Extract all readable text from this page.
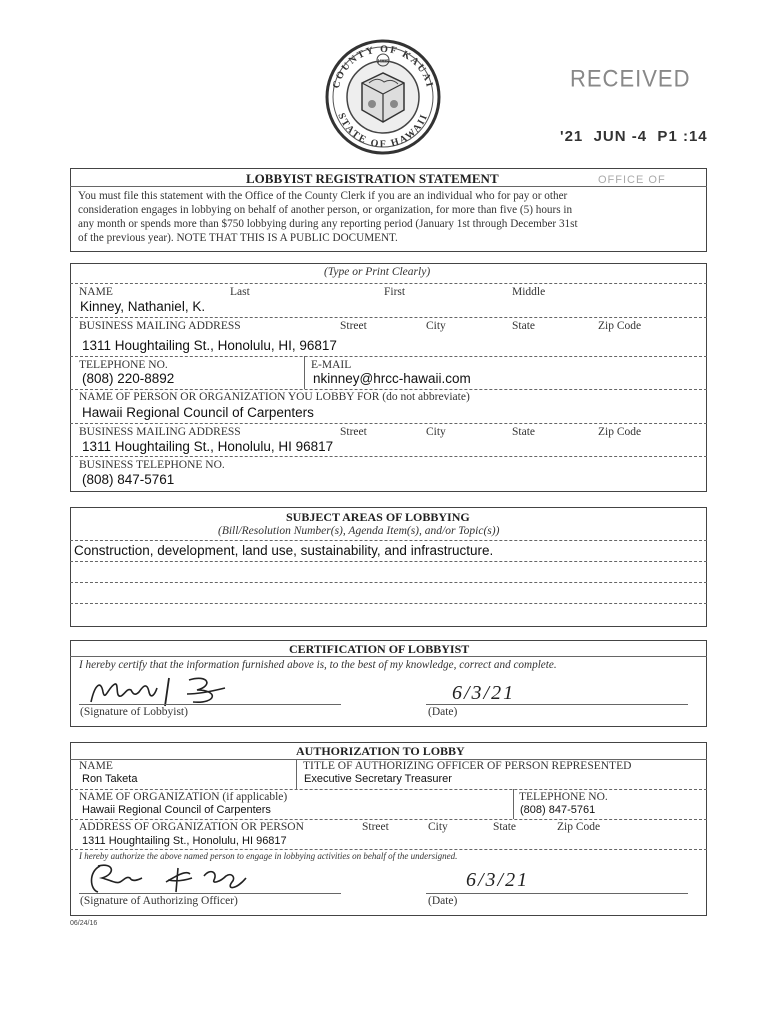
1905
COUNTY OF KAUAI
STATE OF HAWAII
RECEIVED
'21  JUN -4  P1 :14
LOBBYIST REGISTRATION STATEMENT	OFFICE OF
You must file this statement with the Office of the County Clerk if you are an individual who for pay or other
consideration engages in lobbying on behalf of another person, or organization, for more than five (5) hours in
any month or spends more than $750 lobbying during any reporting period (January 1st through December 31st
of the previous year). NOTE THAT THIS IS A PUBLIC DOCUMENT.
(Type or Print Clearly)
NAME	Last	First	Middle
Kinney, Nathaniel, K.
BUSINESS MAILING ADDRESS	Street	City	State	Zip Code
1311 Houghtailing St., Honolulu, HI, 96817
TELEPHONE NO.	E-MAIL
(808) 220-8892	nkinney@hrcc-hawaii.com
NAME OF PERSON OR ORGANIZATION YOU LOBBY FOR (do not abbreviate)
Hawaii Regional Council of Carpenters
BUSINESS MAILING ADDRESS	Street	City	State	Zip Code
1311 Houghtailing St., Honolulu, HI 96817
BUSINESS TELEPHONE NO.
(808) 847-5761
SUBJECT AREAS OF LOBBYING
(Bill/Resolution Number(s), Agenda Item(s), and/or Topic(s))
Construction, development, land use, sustainability, and infrastructure.
CERTIFICATION OF LOBBYIST
I hereby certify that the information furnished above is, to the best of my knowledge, correct and complete.
(Signature of Lobbyist)
6/3/21
(Date)
AUTHORIZATION TO LOBBY
NAME	TITLE OF AUTHORIZING OFFICER OF PERSON REPRESENTED
Ron Taketa	Executive Secretary Treasurer
NAME OF ORGANIZATION (if applicable)	TELEPHONE NO.
Hawaii Regional Council of Carpenters	(808) 847-5761
ADDRESS OF ORGANIZATION OR PERSON	Street	City	State	Zip Code
1311 Houghtailing St., Honolulu, HI 96817
I hereby authorize the above named person to engage in lobbying activities on behalf of the undersigned.
(Signature of Authorizing Officer)
6/3/21
(Date)
06/24/16
